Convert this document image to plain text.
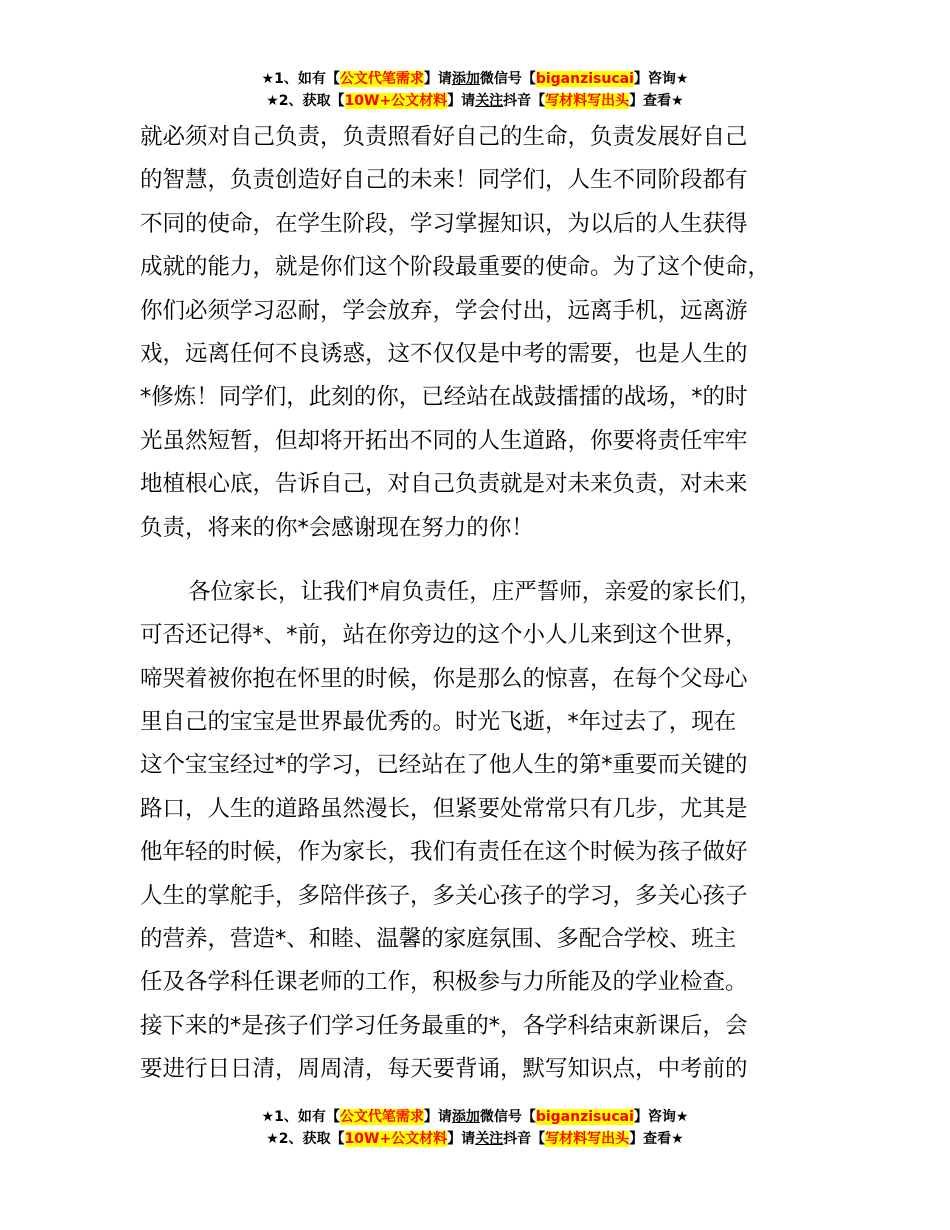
★1、如有【公文代笔需求】请添加微信号【biganzisucai】咨询★
★2、获取【10W+公文材料】请关注抖音【写材料写出头】查看★
就必须对自己负责，负责照看好自己的生命，负责发展好自己
的智慧，负责创造好自己的未来！同学们，人生不同阶段都有
不同的使命，在学生阶段，学习掌握知识，为以后的人生获得
成就的能力，就是你们这个阶段最重要的使命。为了这个使命，
你们必须学习忍耐，学会放弃，学会付出，远离手机，远离游
戏，远离任何不良诱惑，这不仅仅是中考的需要，也是人生的
*修炼！同学们，此刻的你，已经站在战鼓擂擂的战场，*的时
光虽然短暂，但却将开拓出不同的人生道路，你要将责任牢牢
地植根心底，告诉自己，对自己负责就是对未来负责，对未来
负责，将来的你*会感谢现在努力的你！
各位家长，让我们*肩负责任，庄严誓师，亲爱的家长们，
可否还记得*、*前，站在你旁边的这个小人儿来到这个世界，
啼哭着被你抱在怀里的时候，你是那么的惊喜，在每个父母心
里自己的宝宝是世界最优秀的。时光飞逝，*年过去了，现在
这个宝宝经过*的学习，已经站在了他人生的第*重要而关键的
路口，人生的道路虽然漫长，但紧要处常常只有几步，尤其是
他年轻的时候，作为家长，我们有责任在这个时候为孩子做好
人生的掌舵手，多陪伴孩子，多关心孩子的学习，多关心孩子
的营养，营造*、和睦、温馨的家庭氛围、多配合学校、班主
任及各学科任课老师的工作，积极参与力所能及的学业检查。
接下来的*是孩子们学习任务最重的*，各学科结束新课后，会
要进行日日清，周周清，每天要背诵，默写知识点，中考前的
★1、如有【公文代笔需求】请添加微信号【biganzisucai】咨询★
★2、获取【10W+公文材料】请关注抖音【写材料写出头】查看★
